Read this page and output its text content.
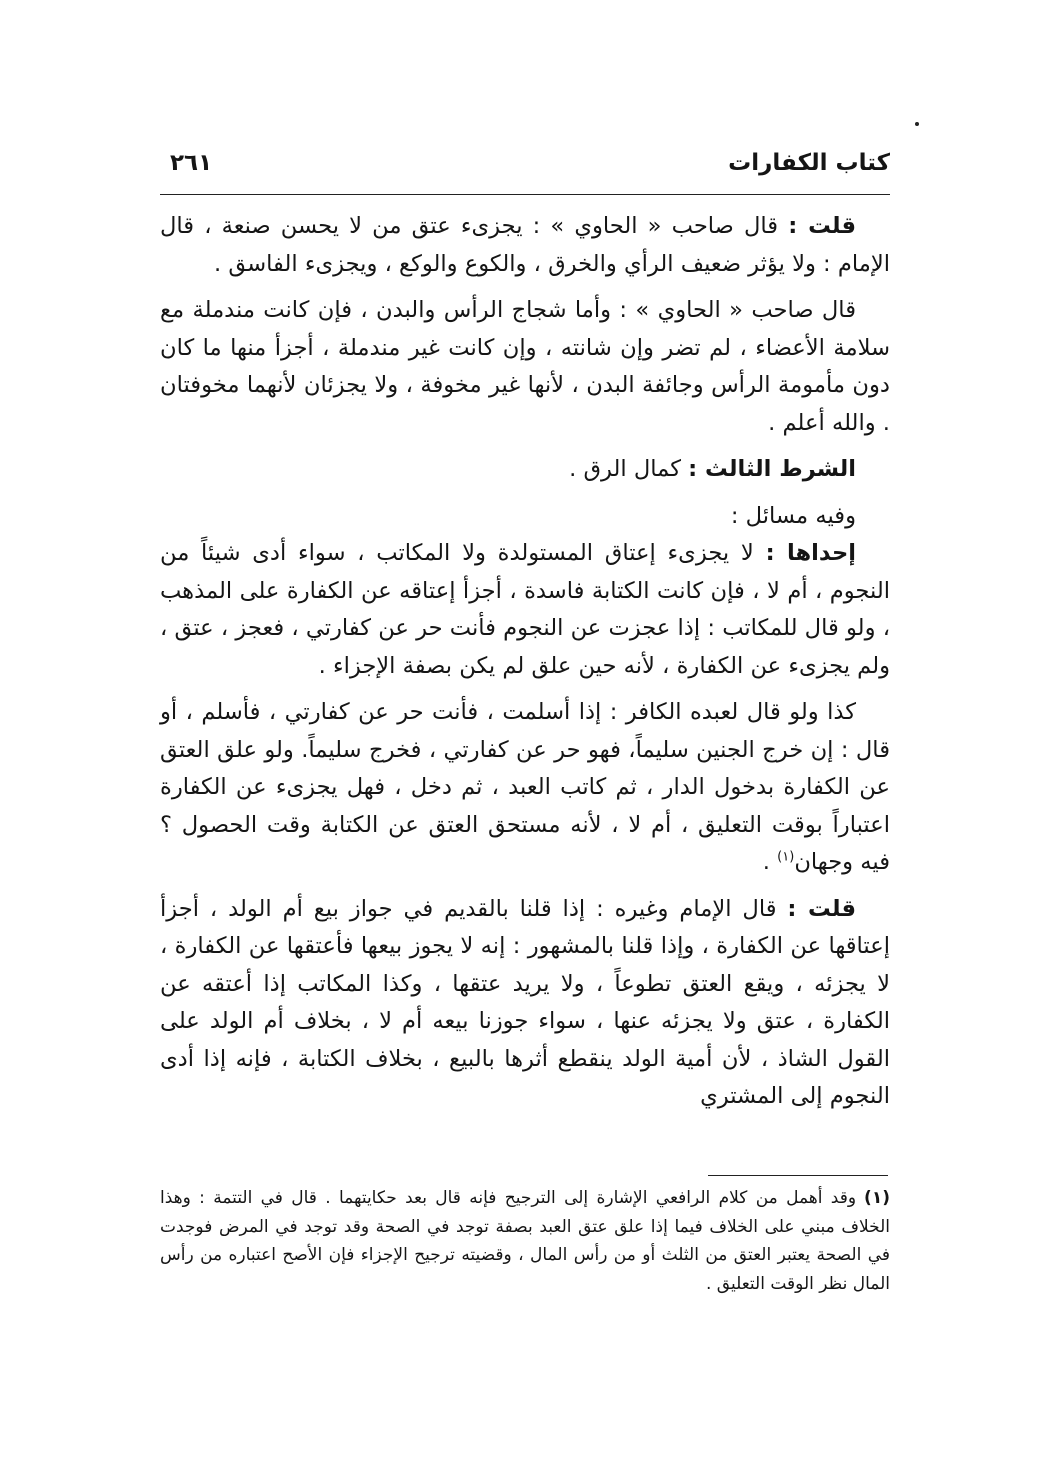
كتاب الكفارات
٢٦١

قلت : قال صاحب « الحاوي » : يجزىء عتق من لا يحسن صنعة ، قال الإمام : ولا يؤثر ضعيف الرأي والخرق ، والكوع والوكع ، ويجزىء الفاسق .

قال صاحب « الحاوي » : وأما شجاج الرأس والبدن ، فإن كانت مندملة مع سلامة الأعضاء ، لم تضر وإن شانته ، وإن كانت غير مندملة ، أجزأ منها ما كان دون مأمومة الرأس وجائفة البدن ، لأنها غير مخوفة ، ولا يجزئان لأنهما مخوفتان . والله أعلم .

الشرط الثالث : كمال الرق .

وفيه مسائل :

إحداها : لا يجزىء إعتاق المستولدة ولا المكاتب ، سواء أدى شيئاً من النجوم ، أم لا ، فإن كانت الكتابة فاسدة ، أجزأ إعتاقه عن الكفارة على المذهب ، ولو قال للمكاتب : إذا عجزت عن النجوم فأنت حر عن كفارتي ، فعجز ، عتق ، ولم يجزىء عن الكفارة ، لأنه حين علق لم يكن بصفة الإجزاء .

كذا ولو قال لعبده الكافر : إذا أسلمت ، فأنت حر عن كفارتي ، فأسلم ، أو قال : إن خرج الجنين سليماً، فهو حر عن كفارتي ، فخرج سليماً. ولو علق العتق عن الكفارة بدخول الدار ، ثم كاتب العبد ، ثم دخل ، فهل يجزىء عن الكفارة اعتباراً بوقت التعليق ، أم لا ، لأنه مستحق العتق عن الكتابة وقت الحصول ؟ فيه وجهان$^{(١)}$ .

قلت : قال الإمام وغيره : إذا قلنا بالقديم في جواز بيع أم الولد ، أجزأ إعتاقها عن الكفارة ، وإذا قلنا بالمشهور : إنه لا يجوز بيعها فأعتقها عن الكفارة ، لا يجزئه ، ويقع العتق تطوعاً ، ولا يريد عتقها ، وكذا المكاتب إذا أعتقه عن الكفارة ، عتق ولا يجزئه عنها ، سواء جوزنا بيعه أم لا ، بخلاف أم الولد على القول الشاذ ، لأن أمية الولد ينقطع أثرها بالبيع ، بخلاف الكتابة ، فإنه إذا أدى النجوم إلى المشتري

(١)وقد أهمل من كلام الرافعي الإشارة إلى الترجيح فإنه قال بعد حكايتهما . قال في التتمة : وهذا الخلاف مبني على الخلاف فيما إذا علق عتق العبد بصفة توجد في الصحة وقد توجد في المرض فوجدت في الصحة يعتبر العتق من الثلث أو من رأس المال ، وقضيته ترجيح الإجزاء فإن الأصح اعتباره من رأس المال نظر الوقت التعليق .
